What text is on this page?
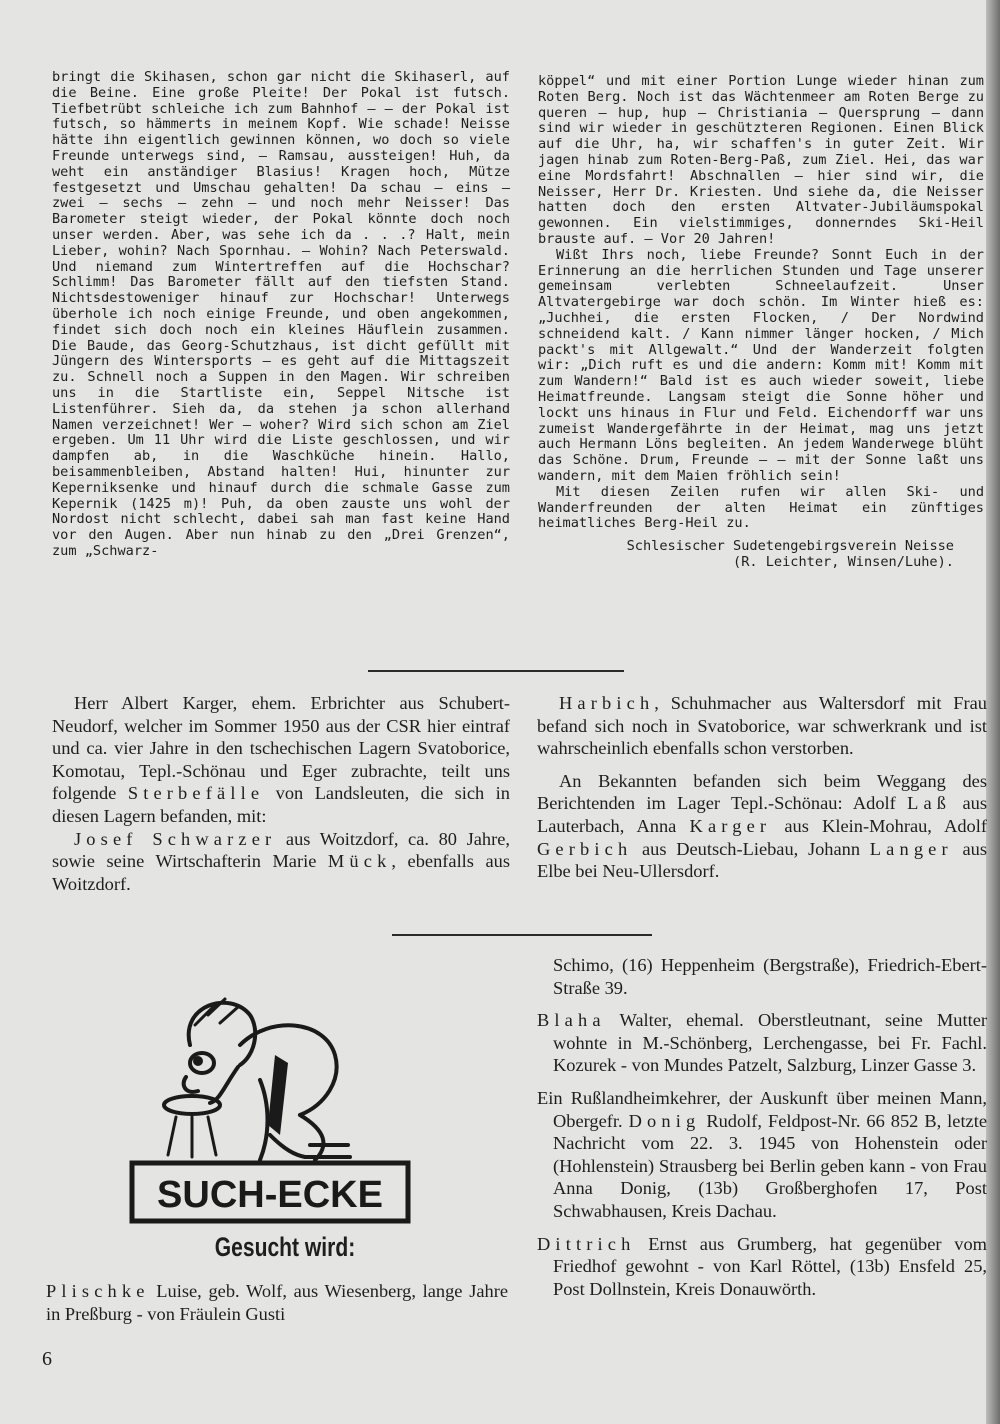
bringt die Skihasen, schon gar nicht die Skihaserl, auf die Beine. Eine große Pleite! Der Pokal ist futsch. Tiefbetrübt schleiche ich zum Bahnhof — — der Pokal ist futsch, so hämmerts in meinem Kopf. Wie schade! Neisse hätte ihn eigentlich gewinnen können, wo doch so viele Freunde unterwegs sind, — Ramsau, aussteigen! Huh, da weht ein anständiger Blasius! Kragen hoch, Mütze festgesetzt und Umschau gehalten! Da schau — eins — zwei — sechs — zehn — und noch mehr Neisser! Das Barometer steigt wieder, der Pokal könnte doch noch unser werden. Aber, was sehe ich da . . .? Halt, mein Lieber, wohin? Nach Spornhau. — Wohin? Nach Peterswald. Und niemand zum Wintertreffen auf die Hochschar? Schlimm! Das Barometer fällt auf den tiefsten Stand. Nichtsdestoweniger hinauf zur Hochschar! Unterwegs überhole ich noch einige Freunde, und oben angekommen, findet sich doch noch ein kleines Häuflein zusammen. Die Baude, das Georg-Schutzhaus, ist dicht gefüllt mit Jüngern des Wintersports — es geht auf die Mittagszeit zu. Schnell noch a Suppen in den Magen. Wir schreiben uns in die Startliste ein, Seppel Nitsche ist Listenführer. Sieh da, da stehen ja schon allerhand Namen verzeichnet! Wer — woher? Wird sich schon am Ziel ergeben. Um 11 Uhr wird die Liste geschlossen, und wir dampfen ab, in die Waschküche hinein. Hallo, beisammenbleiben, Abstand halten! Hui, hinunter zur Keperniksenke und hinauf durch die schmale Gasse zum Kepernik (1425 m)! Puh, da oben zauste uns wohl der Nordost nicht schlecht, dabei sah man fast keine Hand vor den Augen. Aber nun hinab zu den „Drei Grenzen“, zum „Schwarz-

köppel“ und mit einer Portion Lunge wieder hinan zum Roten Berg. Noch ist das Wächtenmeer am Roten Berge zu queren — hup, hup — Christiania — Quersprung — dann sind wir wieder in geschützteren Regionen. Einen Blick auf die Uhr, ha, wir schaffen's in guter Zeit. Wir jagen hinab zum Roten-Berg-Paß, zum Ziel. Hei, das war eine Mordsfahrt! Abschnallen — hier sind wir, die Neisser, Herr Dr. Kriesten. Und siehe da, die Neisser hatten doch den ersten Altvater-Jubiläumspokal gewonnen. Ein vielstimmiges, donnerndes Ski-Heil brauste auf. — Vor 20 Jahren!

Wißt Ihrs noch, liebe Freunde? Sonnt Euch in der Erinnerung an die herrlichen Stunden und Tage unserer gemeinsam verlebten Schneelaufzeit. Unser Altvatergebirge war doch schön. Im Winter hieß es: „Juchhei, die ersten Flocken, / Der Nordwind schneidend kalt. / Kann nimmer länger hocken, / Mich packt's mit Allgewalt.“ Und der Wanderzeit folgten wir: „Dich ruft es und die andern: Komm mit! Komm mit zum Wandern!“ Bald ist es auch wieder soweit, liebe Heimatfreunde. Langsam steigt die Sonne höher und lockt uns hinaus in Flur und Feld. Eichendorff war uns zumeist Wandergefährte in der Heimat, mag uns jetzt auch Hermann Löns begleiten. An jedem Wanderwege blüht das Schöne. Drum, Freunde — — mit der Sonne laßt uns wandern, mit dem Maien fröhlich sein!

Mit diesen Zeilen rufen wir allen Ski- und Wanderfreunden der alten Heimat ein zünftiges heimatliches Berg-Heil zu.

Schlesischer Sudetengebirgsverein Neisse
(R. Leichter, Winsen/Luhe).

Herr Albert Karger, ehem. Erbrichter aus Schubert-Neudorf, welcher im Sommer 1950 aus der CSR hier eintraf und ca. vier Jahre in den tschechischen Lagern Svatoborice, Komotau, Tepl.-Schönau und Eger zubrachte, teilt uns folgende Sterbefälle von Landsleuten, die sich in diesen Lagern befanden, mit:

Josef Schwarzer aus Woitzdorf, ca. 80 Jahre, sowie seine Wirtschafterin Marie Mück, ebenfalls aus Woitzdorf.

Harbich, Schuhmacher aus Waltersdorf mit Frau befand sich noch in Svatoborice, war schwerkrank und ist wahrscheinlich ebenfalls schon verstorben.

An Bekannten befanden sich beim Weggang des Berichtenden im Lager Tepl.-Schönau: Adolf Laß aus Lauterbach, Anna Karger aus Klein-Mohrau, Adolf Gerbich aus Deutsch-Liebau, Johann Langer aus Elbe bei Neu-Ullersdorf.

SUCH-ECKE
Gesucht wird:

Plischke Luise, geb. Wolf, aus Wiesenberg, lange Jahre in Preßburg - von Fräulein Gusti

Schimo, (16) Heppenheim (Bergstraße), Friedrich-Ebert-Straße 39.

Blaha Walter, ehemal. Oberstleutnant, seine Mutter wohnte in M.-Schönberg, Lerchengasse, bei Fr. Fachl. Kozurek - von Mundes Patzelt, Salzburg, Linzer Gasse 3.

Ein Rußlandheimkehrer, der Auskunft über meinen Mann, Obergefr. Donig Rudolf, Feldpost-Nr. 66 852 B, letzte Nachricht vom 22. 3. 1945 von Hohenstein oder (Hohlenstein) Strausberg bei Berlin geben kann - von Frau Anna Donig, (13b) Großberghofen 17, Post Schwabhausen, Kreis Dachau.

Dittrich Ernst aus Grumberg, hat gegenüber vom Friedhof gewohnt - von Karl Röttel, (13b) Ensfeld 25, Post Dollnstein, Kreis Donauwörth.

6
